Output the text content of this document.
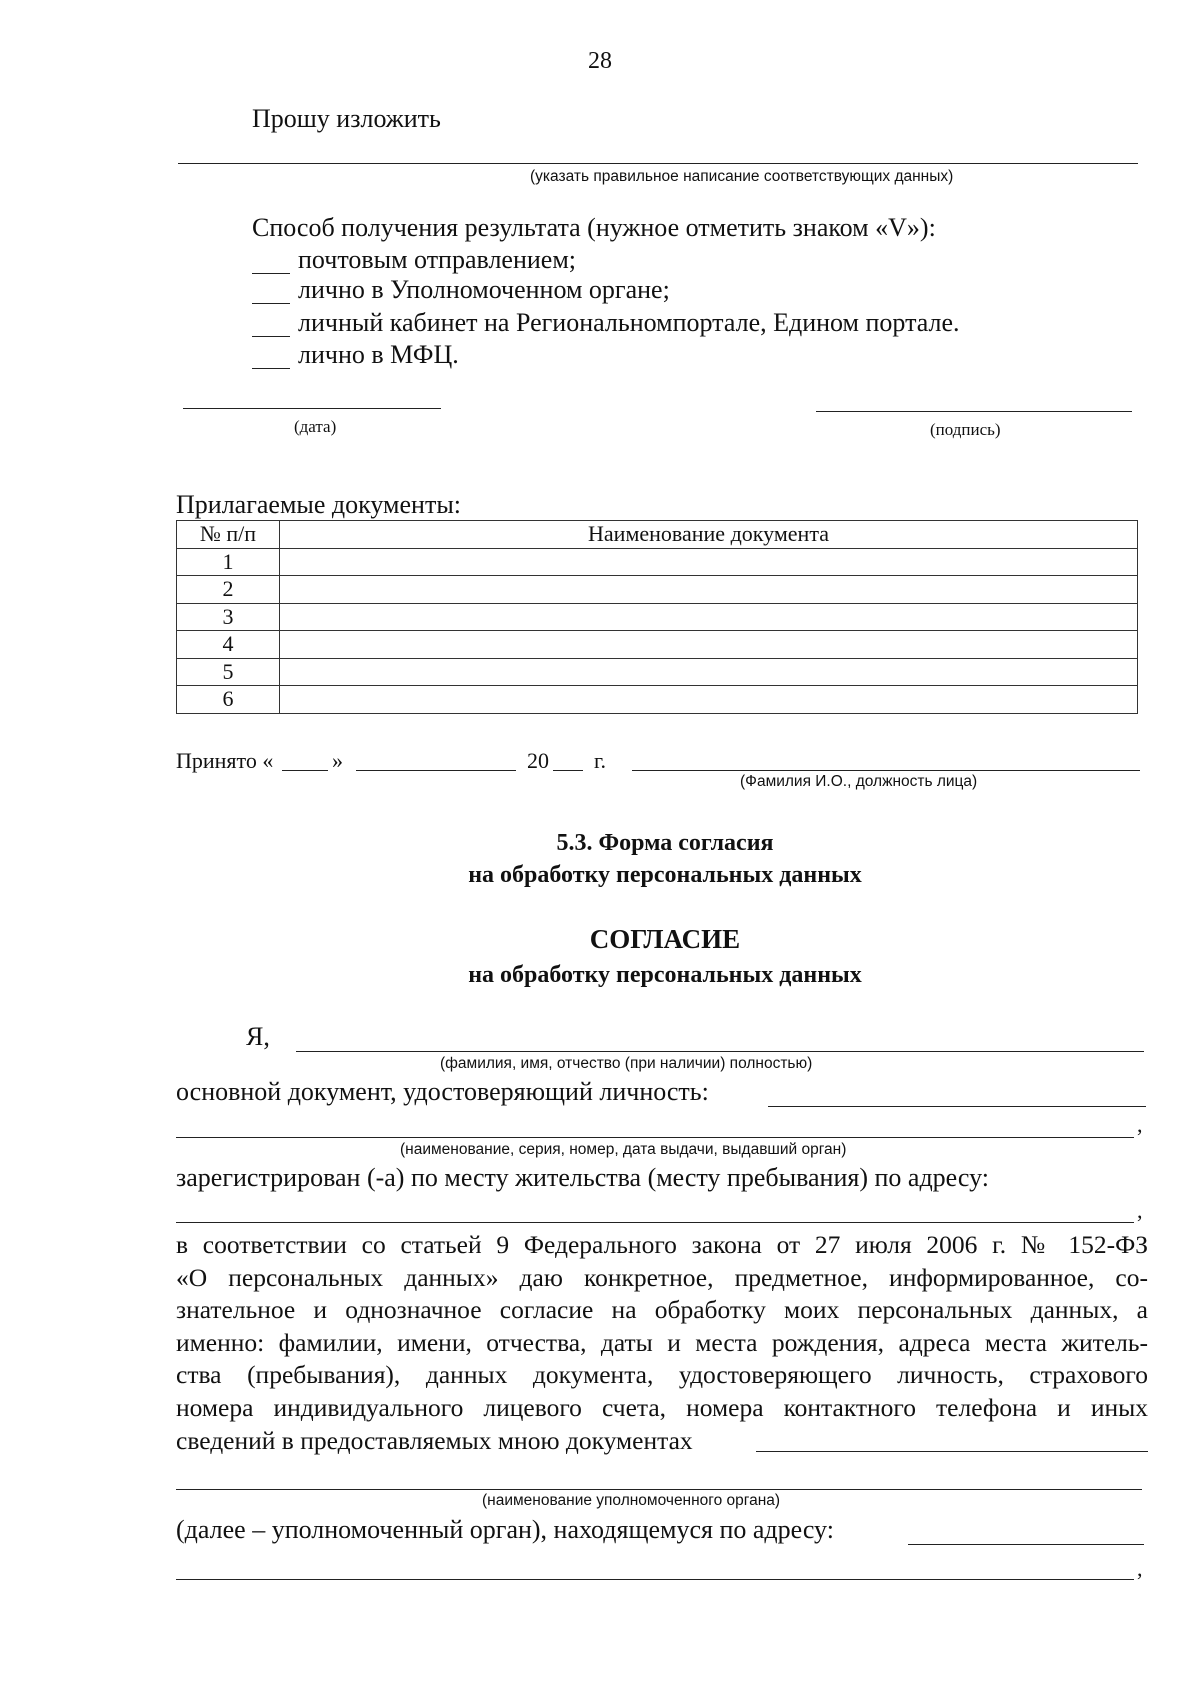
28
Прошу изложить
(указать правильное написание соответствующих данных)
Способ получения результата (нужное отметить знаком «V»):
почтовым отправлением;
лично в Уполномоченном органе;
личный кабинет на Региональномпортале, Едином портале.
лично в МФЦ.
(дата)	(подпись)
Прилагаемые документы:
№ п/п	Наименование документа
1	
2	
3	
4	
5	
6	
Принято «	»	20 г.
(Фамилия И.О., должность лица)
5.3. Форма согласия
на обработку персональных данных
СОГЛАСИЕ
на обработку персональных данных
Я,
(фамилия, имя, отчество (при наличии) полностью)
основной документ, удостоверяющий личность:
,
(наименование, серия, номер, дата выдачи, выдавший орган)
зарегистрирован (-а) по месту жительства (месту пребывания) по адресу:
,
в соответствии со статьей 9 Федерального закона от 27 июля 2006 г. № 152-ФЗ
«О персональных данных» даю конкретное, предметное, информированное, со-
знательное и однозначное согласие на обработку моих персональных данных, а
именно: фамилии, имени, отчества, даты и места рождения, адреса места житель-
ства (пребывания), данных документа, удостоверяющего личность, страхового
номера индивидуального лицевого счета, номера контактного телефона и иных
сведений в предоставляемых мною документах
(наименование уполномоченного органа)
(далее – уполномоченный орган), находящемуся по адресу:
,
